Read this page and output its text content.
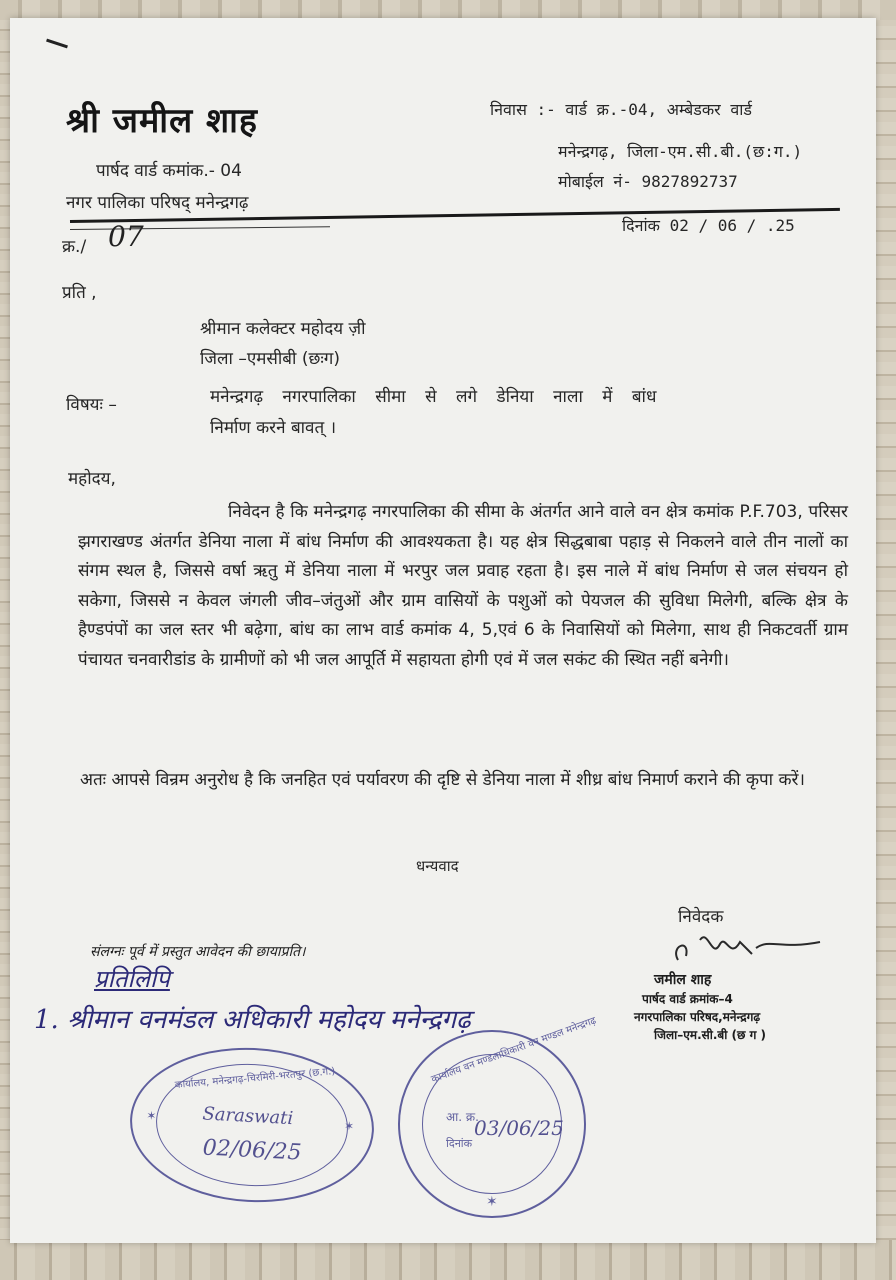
श्री जमील शाह
पार्षद वार्ड कमांक.- 04
नगर पालिका परिषद् मनेन्द्रगढ़
निवास :- वार्ड क्र.-04, अम्बेडकर वार्ड
मनेन्द्रगढ़, जिला-एम.सी.बी.(छ:ग.)
मोबाईल नं- 9827892737
क्र./ 07	दिनांक 02 / 06 / .25
प्रति ,
श्रीमान कलेक्टर महोदय ज़ी
जिला –एमसीबी (छःग)
विषयः –	मनेन्द्रगढ़ नगरपालिका सीमा से लगे डेनिया नाला में बांध
निर्माण करने बावत् ।
महोदय,
निवेदन है कि मनेन्द्रगढ़ नगरपालिका की सीमा के अंतर्गत आने वाले वन क्षेत्र कमांक P.F.703, परिसर झगराखण्ड अंतर्गत डेनिया नाला में बांध निर्माण की आवश्यकता है। यह क्षेत्र सिद्धबाबा पहाड़ से निकलने वाले तीन नालों का संगम स्थल है, जिससे वर्षा ऋतु में डेनिया नाला में भरपुर जल प्रवाह रहता है। इस नाले में बांध निर्माण से जल संचयन हो सकेगा, जिससे न केवल जंगली जीव–जंतुओं और ग्राम वासियों के पशुओं को पेयजल की सुविधा मिलेगी, बल्कि क्षेत्र के हैण्डपंपों का जल स्तर भी बढ़ेगा, बांध का लाभ वार्ड कमांक 4, 5,एवं 6 के निवासियों को मिलेगा, साथ ही निकटवर्ती ग्राम पंचायत चनवारीडांड के ग्रामीणों को भी जल आपूर्ति में सहायता होगी एवं में जल सकंट की स्थित नहीं बनेगी।
अतः आपसे विन्रम अनुरोध है कि जनहित एवं पर्यावरण की दृष्टि से डेनिया नाला में शीध्र बांध निमार्ण कराने की कृपा करें।
धन्यवाद
निवेदक
जमील शाह
पार्षद वार्ड क्रमांक–4
नगरपालिका परिषद,मनेन्द्रगढ़
जिला–एम.सी.बी (छ ग )
संलग्नः पूर्व में प्रस्तुत आवेदन की छायाप्रति।
प्रतिलिपि
1. श्रीमान वनमंडल अधिकारी महोदय मनेन्द्रगढ़
कार्यालय, मनेन्द्रगढ़-चिरमिरी-भरतपुर (छ.ग.)
Saraswati
02/06/25
✶
✶
कार्यालय वन मण्डलाधिकारी वन मण्डल मनेन्द्रगढ़
आ. क्र.
03/06/25
दिनांक
✶
